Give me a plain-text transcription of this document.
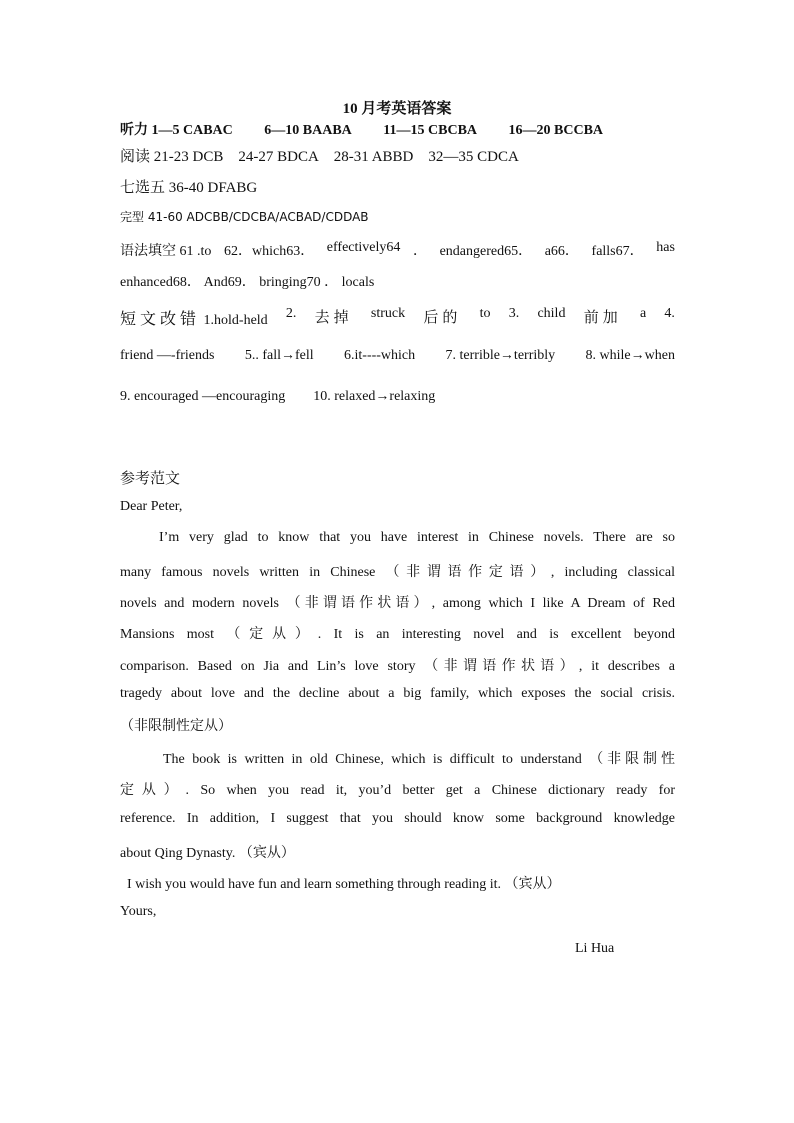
10 月考英语答案
听力 1—5 CABAC 6—10 BAABA 11—15 CBCBA 16—20 BCCBA
阅读 21-23 DCB 24-27 BDCA 28-31 ABBD 32—35 CDCA
七选五 36-40 DFABG
完型 41-60 ADCBB/CDCBA/ACBAD/CDDAB
语法填空 61 .to 62．which63． effectively64 ． endangered65． a66． falls67． has
enhanced68． And69． bringing70 ． locals
短文改错 1.hold-held 2. 去掉 struck 后的 to 3. child 前加 a 4.
friend —-friends 5.. fall→fell 6.it----which 7. terrible→terribly 8. while→when
9. encouraged —encouraging 10. relaxed→relaxing
参考范文
Dear Peter,
I’m very glad to know that you have interest in Chinese novels. There are so
many famous novels written in Chinese （非谓语作定语）, including classical
novels and modern novels （非谓语作状语）, among which I like A Dream of Red
Mansions most （定从）. It is an interesting novel and is excellent beyond
comparison. Based on Jia and Lin’s love story （非谓语作状语）, it describes a
tragedy about love and the decline about a big family, which exposes the social crisis.
（非限制性定从）
The book is written in old Chinese, which is difficult to understand （非限制性
定从）. So when you read it, you’d better get a Chinese dictionary ready for
reference. In addition, I suggest that you should know some background knowledge
about Qing Dynasty. （宾从）
I wish you would have fun and learn something through reading it. （宾从）
Yours,
Li Hua
